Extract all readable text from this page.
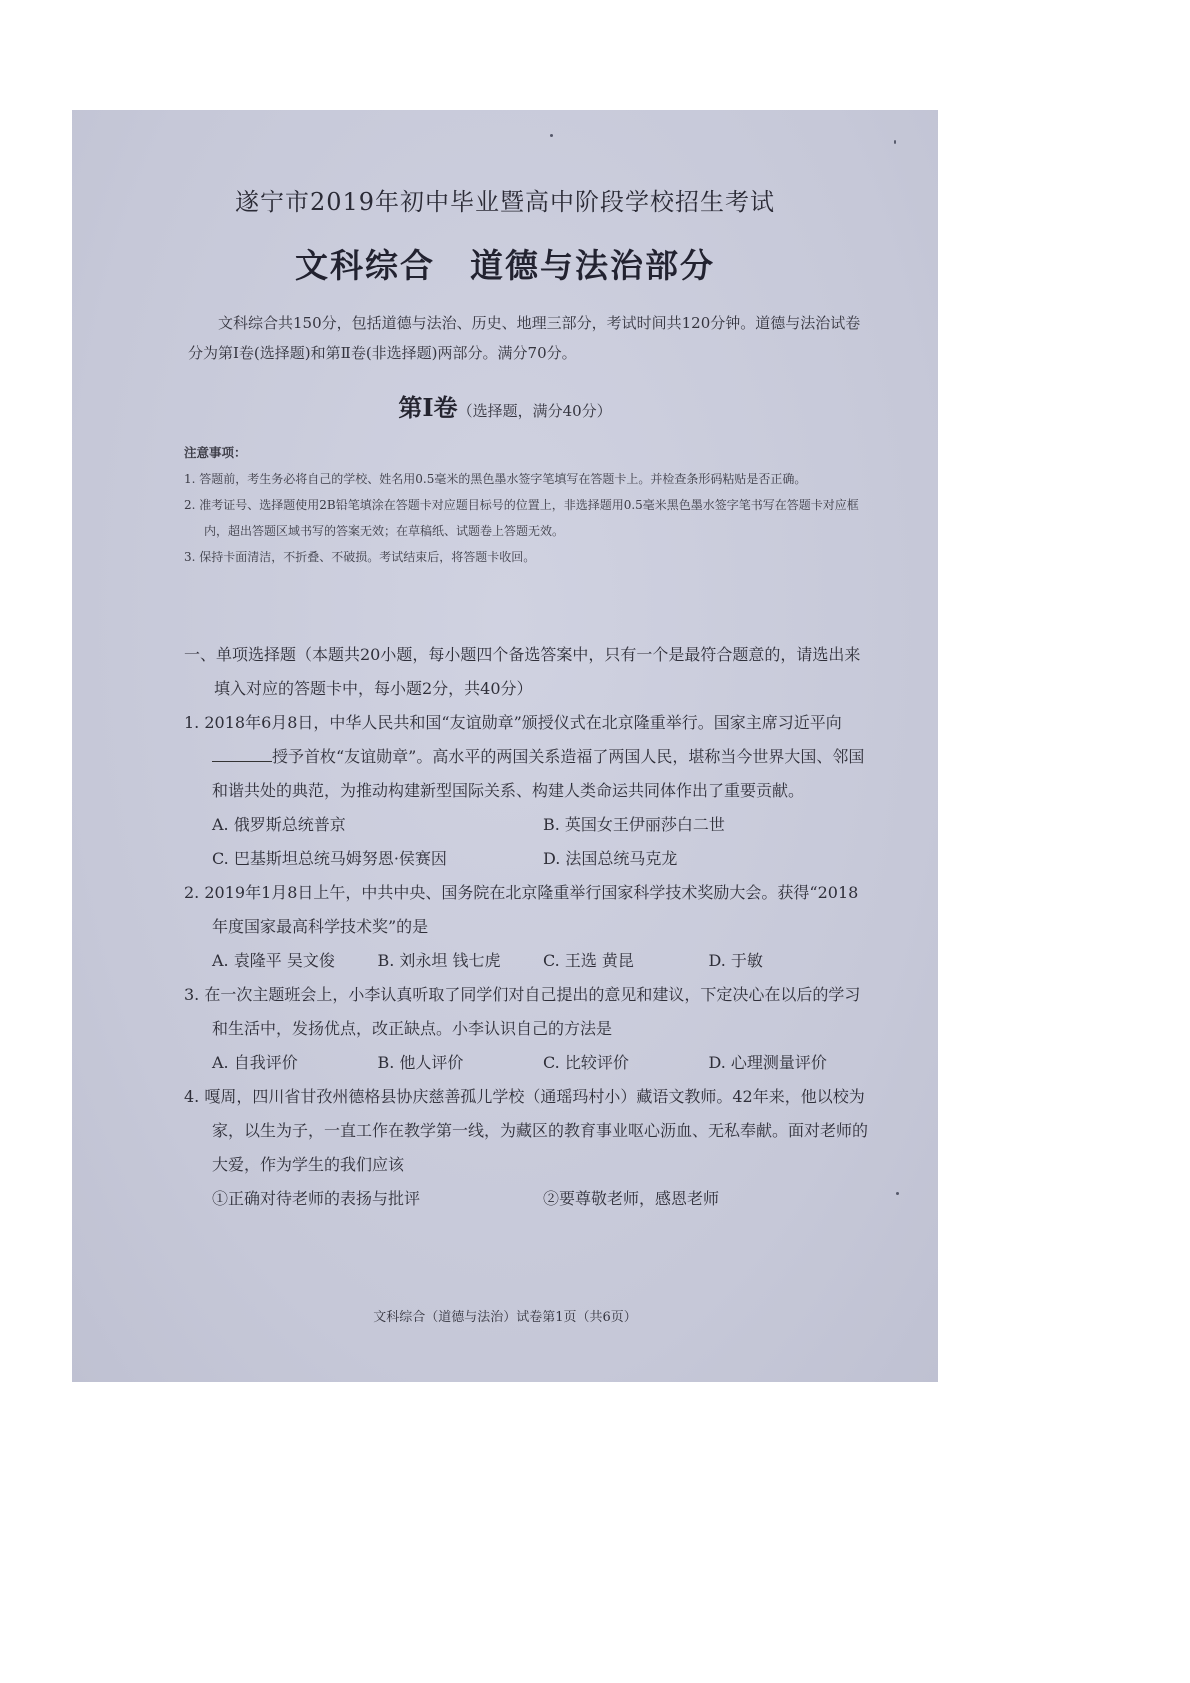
遂宁市2019年初中毕业暨高中阶段学校招生考试
文科综合　道德与法治部分
文科综合共150分，包括道德与法治、历史、地理三部分，考试时间共120分钟。道德与法治试卷分为第Ⅰ卷(选择题)和第Ⅱ卷(非选择题)两部分。满分70分。
第Ⅰ卷（选择题，满分40分）
注意事项：
1. 答题前，考生务必将自己的学校、姓名用0.5毫米的黑色墨水签字笔填写在答题卡上。并检查条形码粘贴是否正确。
2. 准考证号、选择题使用2B铅笔填涂在答题卡对应题目标号的位置上，非选择题用0.5毫米黑色墨水签字笔书写在答题卡对应框内，超出答题区域书写的答案无效；在草稿纸、试题卷上答题无效。
3. 保持卡面清洁，不折叠、不破损。考试结束后，将答题卡收回。
一、单项选择题（本题共20小题，每小题四个备选答案中，只有一个是最符合题意的，请选出来填入对应的答题卡中，每小题2分，共40分）
1. 2018年6月8日，中华人民共和国“友谊勋章”颁授仪式在北京隆重举行。国家主席习近平向授予首枚“友谊勋章”。高水平的两国关系造福了两国人民，堪称当今世界大国、邻国和谐共处的典范，为推动构建新型国际关系、构建人类命运共同体作出了重要贡献。
A. 俄罗斯总统普京	B. 英国女王伊丽莎白二世
C. 巴基斯坦总统马姆努恩·侯赛因	D. 法国总统马克龙
2. 2019年1月8日上午，中共中央、国务院在北京隆重举行国家科学技术奖励大会。获得“2018年度国家最高科学技术奖”的是
A. 袁隆平 吴文俊	B. 刘永坦 钱七虎	C. 王选 黄昆	D. 于敏
3. 在一次主题班会上，小李认真听取了同学们对自己提出的意见和建议，下定决心在以后的学习和生活中，发扬优点，改正缺点。小李认识自己的方法是
A. 自我评价	B. 他人评价	C. 比较评价	D. 心理测量评价
4. 嘎周，四川省甘孜州德格县协庆慈善孤儿学校（通瑶玛村小）藏语文教师。42年来，他以校为家，以生为子，一直工作在教学第一线，为藏区的教育事业呕心沥血、无私奉献。面对老师的大爱，作为学生的我们应该
①正确对待老师的表扬与批评	②要尊敬老师，感恩老师
文科综合（道德与法治）试卷第1页（共6页）
